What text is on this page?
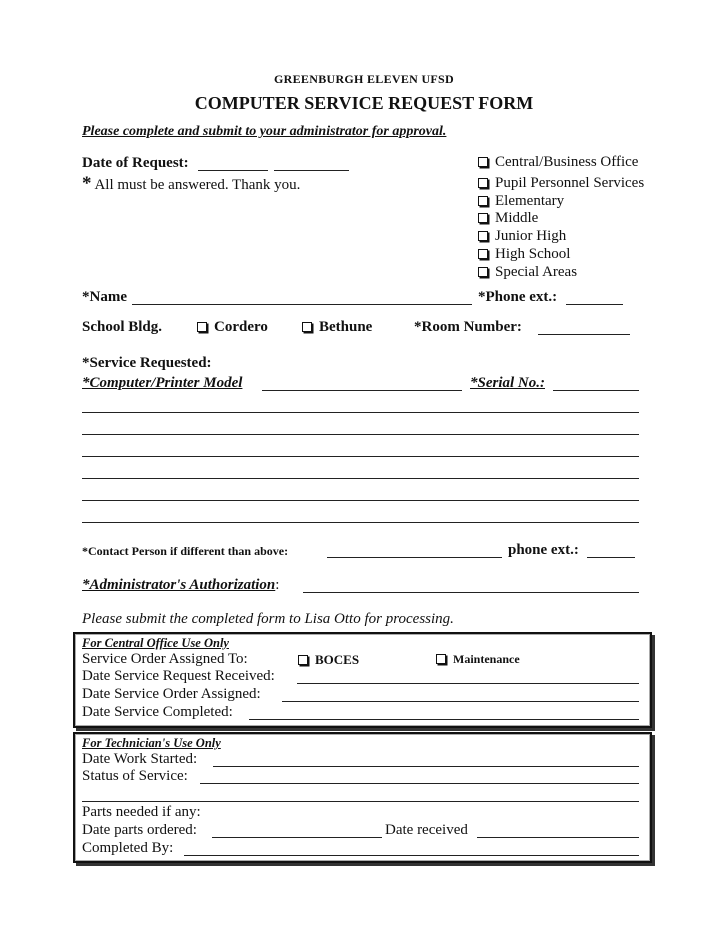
GREENBURGH ELEVEN UFSD
COMPUTER SERVICE REQUEST FORM
Please complete and submit to your administrator for approval.
Date of Request:
* All must be answered. Thank you.
Central/Business Office
Pupil Personnel Services
Elementary
Middle
Junior High
High School
Special Areas
*Name	*Phone ext.:
School Bldg.	Cordero	Bethune	*Room Number:
*Service Requested:
*Computer/Printer Model	*Serial No.:
*Contact Person if different than above:	phone ext.:
*Administrator's Authorization:
Please submit the completed form to Lisa Otto for processing.
For Central Office Use Only
Service Order Assigned To:	BOCES	Maintenance
Date Service Request Received:
Date Service Order Assigned:
Date Service Completed:
For Technician's Use Only
Date Work Started:
Status of Service:
Parts needed if any:
Date parts ordered:	Date received
Completed By:
